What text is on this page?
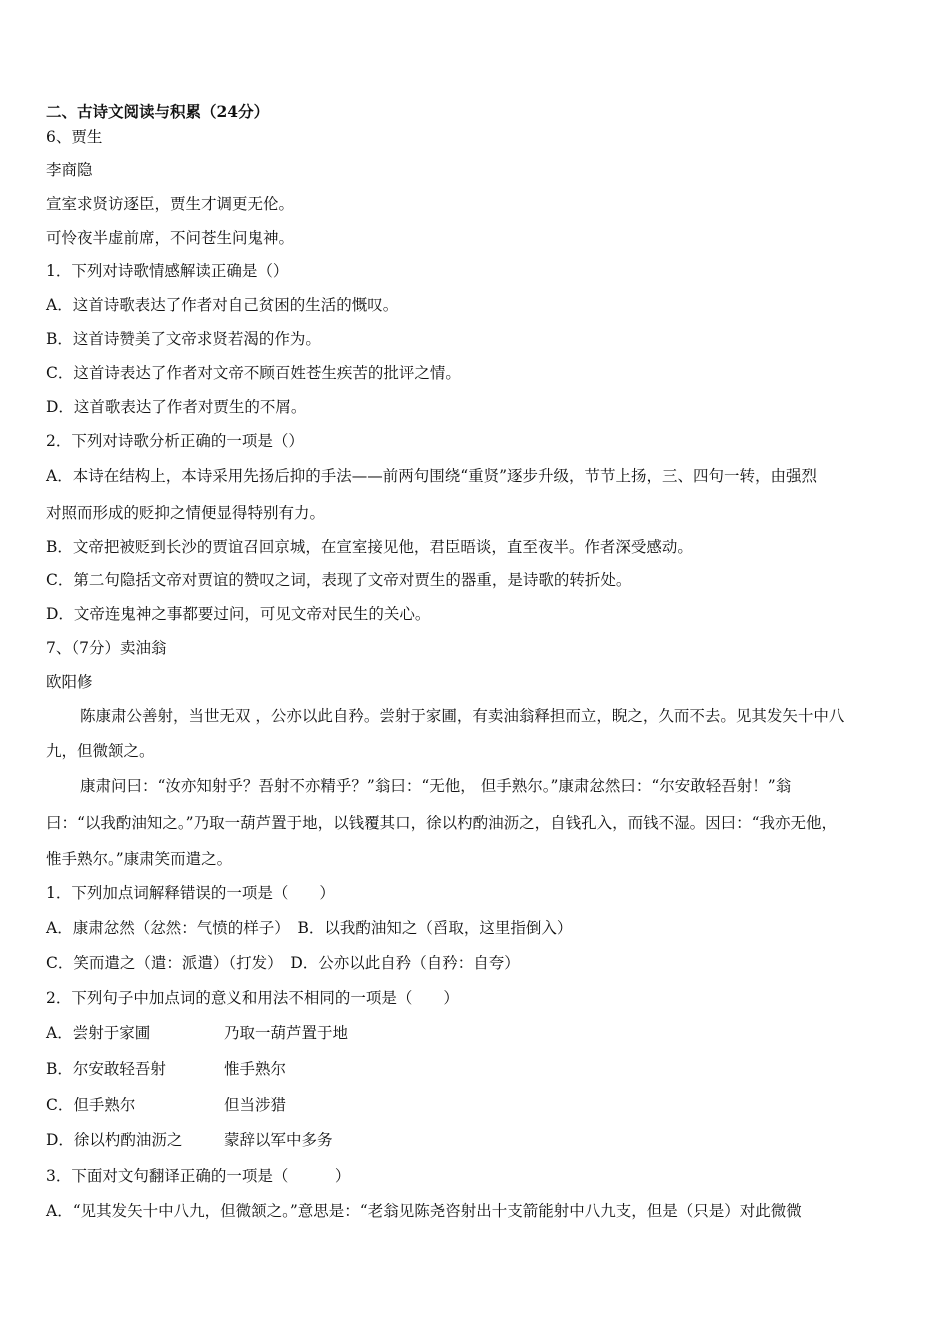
二、古诗文阅读与积累（24分）
6、贾生
李商隐
宣室求贤访逐臣，贾生才调更无伦。
可怜夜半虚前席，不问苍生问鬼神。
1．下列对诗歌情感解读正确是（）
A．这首诗歌表达了作者对自己贫困的生活的慨叹。
B．这首诗赞美了文帝求贤若渴的作为。
C．这首诗表达了作者对文帝不顾百姓苍生疾苦的批评之情。
D．这首歌表达了作者对贾生的不屑。
2．下列对诗歌分析正确的一项是（）
A．本诗在结构上，本诗采用先扬后抑的手法——前两句围绕“重贤”逐步升级，节节上扬，三、四句一转，由强烈
对照而形成的贬抑之情便显得特别有力。
B．文帝把被贬到长沙的贾谊召回京城，在宣室接见他，君臣晤谈，直至夜半。作者深受感动。
C．第二句隐括文帝对贾谊的赞叹之词，表现了文帝对贾生的器重，是诗歌的转折处。
D．文帝连鬼神之事都要过问，可见文帝对民生的关心。
7、（7分）卖油翁
欧阳修
陈康肃公善射，当世无双 ，公亦以此自矜。尝射于家圃，有卖油翁释担而立，睨之，久而不去。见其发矢十中八
九，但微颔之。
康肃问曰：“汝亦知射乎？吾射不亦精乎？”翁曰：“无他， 但手熟尔。”康肃忿然曰：“尔安敢轻吾射！”翁
曰：“以我酌油知之。”乃取一葫芦置于地，以钱覆其口，徐以杓酌油沥之，自钱孔入，而钱不湿。因曰：“我亦无他，
惟手熟尔。”康肃笑而遣之。
1．下列加点词解释错误的一项是（　　）
A．康肃忿然（忿然：气愤的样子）　B．以我酌油知之（舀取，这里指倒入）
C．笑而遣之（遣：派遣）（打发）　D．公亦以此自矜（自矜：自夸）
2．下列句子中加点词的意义和用法不相同的一项是（　　）
A．尝射于家圃	乃取一葫芦置于地
B．尔安敢轻吾射	惟手熟尔
C．但手熟尔	但当涉猎
D．徐以杓酌油沥之	蒙辞以军中多务
3．下面对文句翻译正确的一项是（　　　）
A．“见其发矢十中八九，但微颔之。”意思是：“老翁见陈尧咨射出十支箭能射中八九支，但是（只是）对此微微
